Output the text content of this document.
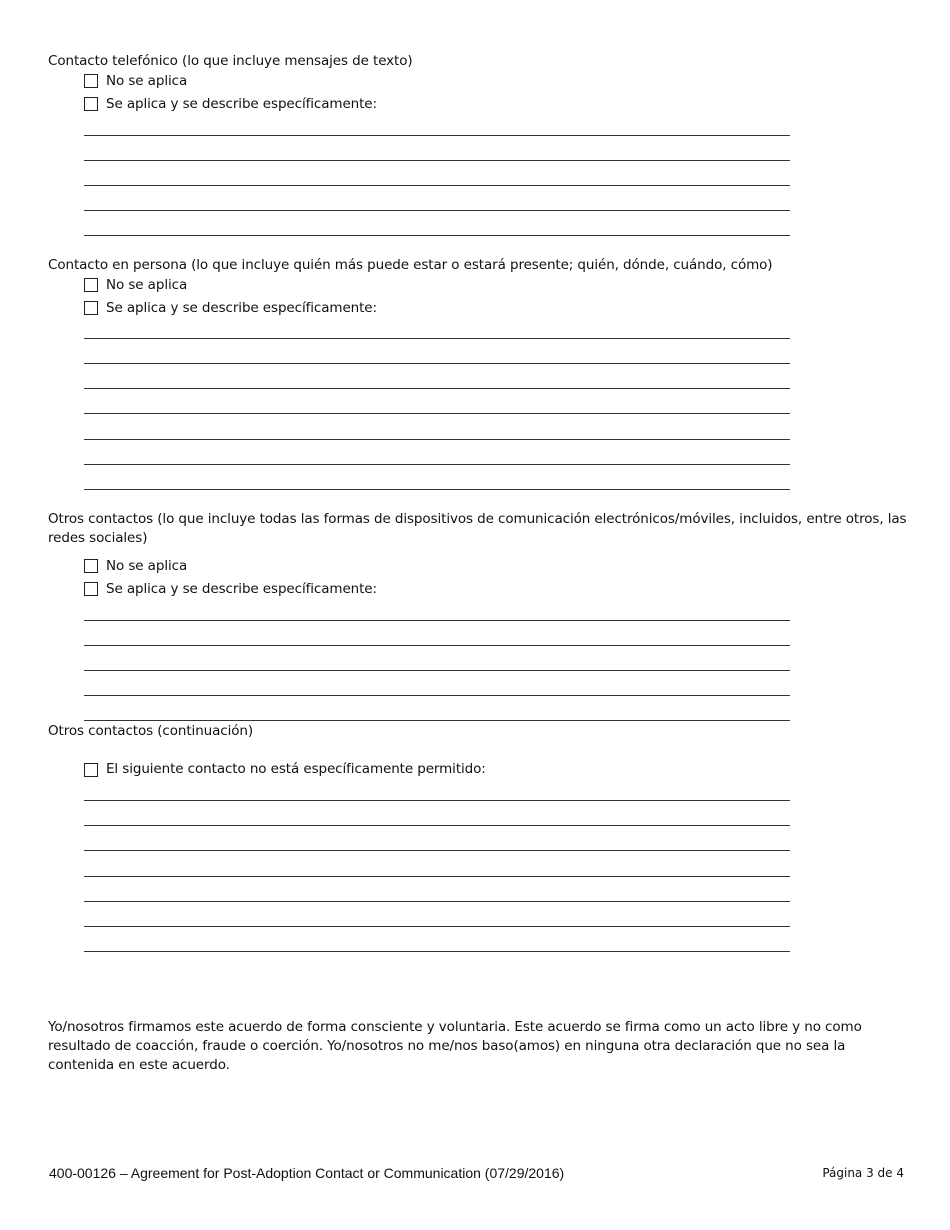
Contacto telefónico (lo que incluye mensajes de texto)
No se aplica
Se aplica y se describe específicamente:
Contacto en persona (lo que incluye quién más puede estar o estará presente; quién, dónde, cuándo, cómo)
No se aplica
Se aplica y se describe específicamente:
Otros contactos (lo que incluye todas las formas de dispositivos de comunicación electrónicos/móviles, incluidos, entre otros, las redes sociales)
No se aplica
Se aplica y se describe específicamente:
Otros contactos (continuación)
El siguiente contacto no está específicamente permitido:
Yo/nosotros firmamos este acuerdo de forma consciente y voluntaria. Este acuerdo se firma como un acto libre y no como resultado de coacción, fraude o coerción. Yo/nosotros no me/nos baso(amos) en ninguna otra declaración que no sea la contenida en este acuerdo.
400-00126 – Agreement for Post-Adoption Contact or Communication (07/29/2016)	Página 3 de 4
